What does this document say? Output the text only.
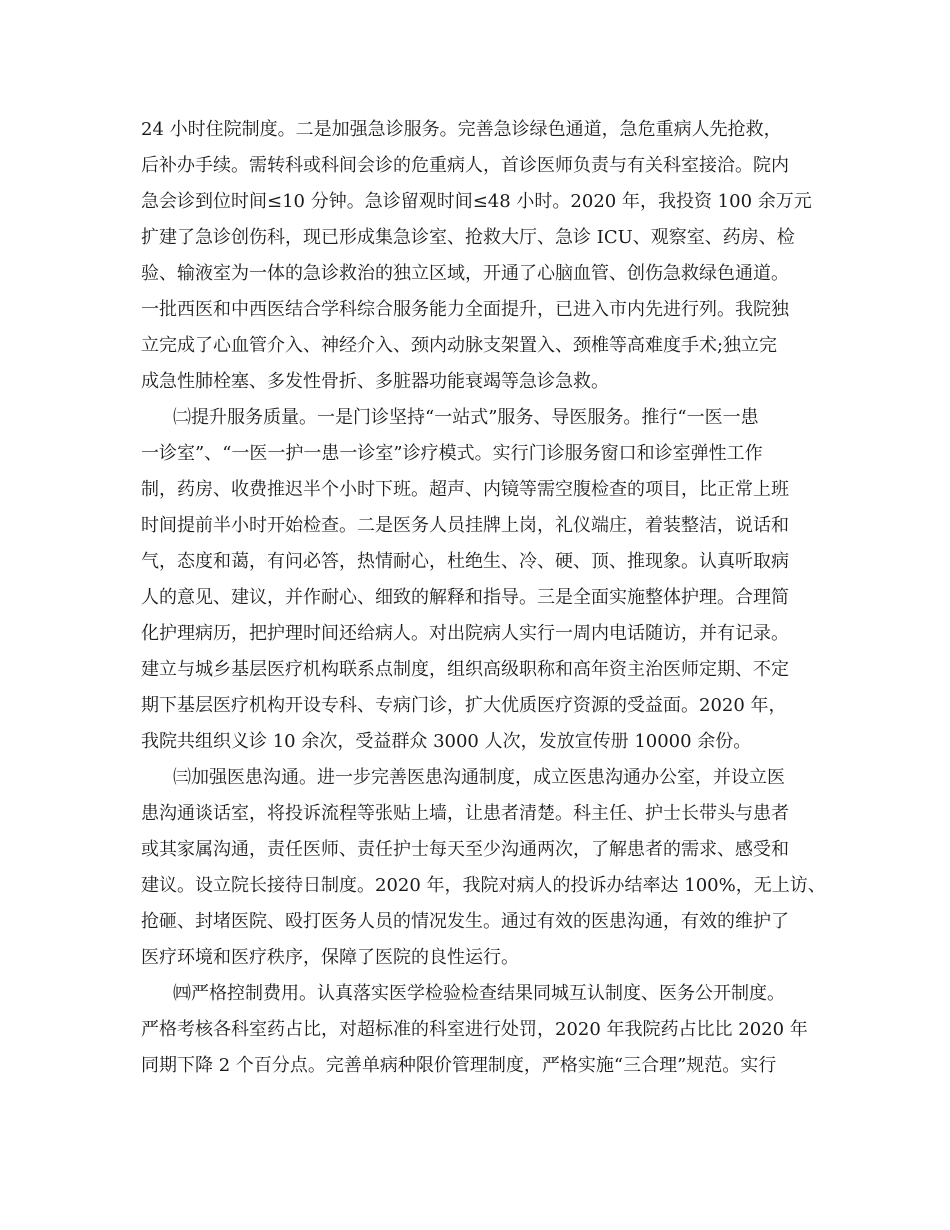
24 小时住院制度。二是加强急诊服务。完善急诊绿色通道，急危重病人先抢救，
后补办手续。需转科或科间会诊的危重病人，首诊医师负责与有关科室接洽。院内
急会诊到位时间≤10 分钟。急诊留观时间≤48 小时。2020 年，我投资 100 余万元
扩建了急诊创伤科，现已形成集急诊室、抢救大厅、急诊 ICU、观察室、药房、检
验、输液室为一体的急诊救治的独立区域，开通了心脑血管、创伤急救绿色通道。
一批西医和中西医结合学科综合服务能力全面提升，已进入市内先进行列。我院独
立完成了心血管介入、神经介入、颈内动脉支架置入、颈椎等高难度手术;独立完
成急性肺栓塞、多发性骨折、多脏器功能衰竭等急诊急救。
㈡提升服务质量。一是门诊坚持“一站式”服务、导医服务。推行“一医一患
一诊室”、“一医一护一患一诊室”诊疗模式。实行门诊服务窗口和诊室弹性工作
制，药房、收费推迟半个小时下班。超声、内镜等需空腹检查的项目，比正常上班
时间提前半小时开始检查。二是医务人员挂牌上岗，礼仪端庄，着装整洁，说话和
气，态度和蔼，有问必答，热情耐心，杜绝生、冷、硬、顶、推现象。认真听取病
人的意见、建议，并作耐心、细致的解释和指导。三是全面实施整体护理。合理简
化护理病历，把护理时间还给病人。对出院病人实行一周内电话随访，并有记录。
建立与城乡基层医疗机构联系点制度，组织高级职称和高年资主治医师定期、不定
期下基层医疗机构开设专科、专病门诊，扩大优质医疗资源的受益面。2020 年，
我院共组织义诊 10 余次，受益群众 3000 人次，发放宣传册 10000 余份。
㈢加强医患沟通。进一步完善医患沟通制度，成立医患沟通办公室，并设立医
患沟通谈话室，将投诉流程等张贴上墙，让患者清楚。科主任、护士长带头与患者
或其家属沟通，责任医师、责任护士每天至少沟通两次，了解患者的需求、感受和
建议。设立院长接待日制度。2020 年，我院对病人的投诉办结率达 100%，无上访、
抢砸、封堵医院、殴打医务人员的情况发生。通过有效的医患沟通，有效的维护了
医疗环境和医疗秩序，保障了医院的良性运行。
㈣严格控制费用。认真落实医学检验检查结果同城互认制度、医务公开制度。
严格考核各科室药占比，对超标准的科室进行处罚，2020 年我院药占比比 2020 年
同期下降 2 个百分点。完善单病种限价管理制度，严格实施“三合理”规范。实行
